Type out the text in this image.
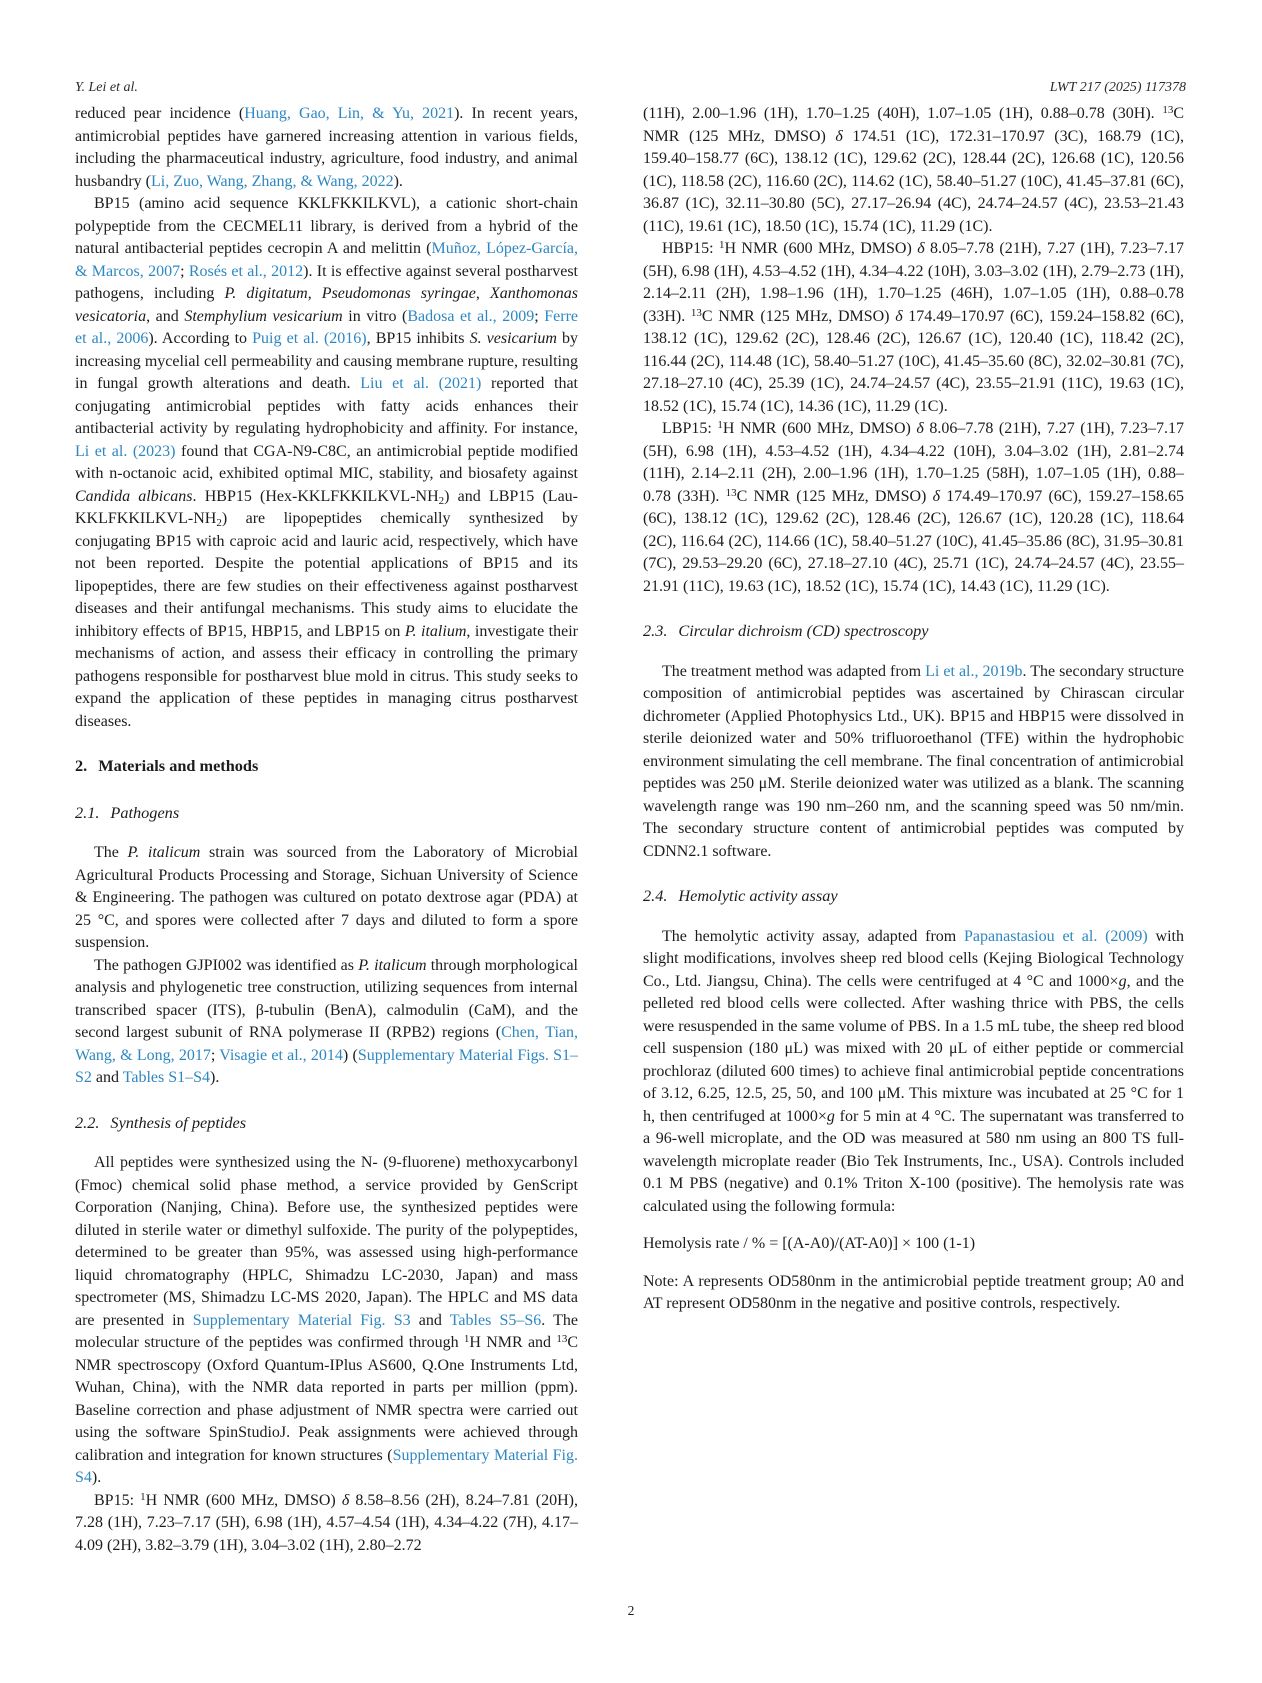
Y. Lei et al.	LWT 217 (2025) 117378

reduced pear incidence (Huang, Gao, Lin, & Yu, 2021). In recent years, antimicrobial peptides have garnered increasing attention in various fields, including the pharmaceutical industry, agriculture, food industry, and animal husbandry (Li, Zuo, Wang, Zhang, & Wang, 2022).

BP15 (amino acid sequence KKLFKKILKVL), a cationic short-chain polypeptide from the CECMEL11 library, is derived from a hybrid of the natural antibacterial peptides cecropin A and melittin (Muñoz, López-García, & Marcos, 2007; Rosés et al., 2012). It is effective against several postharvest pathogens, including P. digitatum, Pseudomonas syringae, Xanthomonas vesicatoria, and Stemphylium vesicarium in vitro (Badosa et al., 2009; Ferre et al., 2006). According to Puig et al. (2016), BP15 inhibits S. vesicarium by increasing mycelial cell permeability and causing membrane rupture, resulting in fungal growth alterations and death. Liu et al. (2021) reported that conjugating antimicrobial peptides with fatty acids enhances their antibacterial activity by regulating hydrophobicity and affinity. For instance, Li et al. (2023) found that CGA-N9-C8C, an antimicrobial peptide modified with n-octanoic acid, exhibited optimal MIC, stability, and biosafety against Candida albicans. HBP15 $(Hex-KKLFKKILKVL-NH_2)$ and LBP15 $(Lau-KKLFKKILKVL-NH_2)$ are lipopeptides chemically synthesized by conjugating BP15 with caproic acid and lauric acid, respectively, which have not been reported. Despite the potential applications of BP15 and its lipopeptides, there are few studies on their effectiveness against postharvest diseases and their antifungal mechanisms. This study aims to elucidate the inhibitory effects of BP15, HBP15, and LBP15 on P. italium, investigate their mechanisms of action, and assess their efficacy in controlling the primary pathogens responsible for postharvest blue mold in citrus. This study seeks to expand the application of these peptides in managing citrus postharvest diseases.

2. Materials and methods
2.1. Pathogens

The P. italicum strain was sourced from the Laboratory of Microbial Agricultural Products Processing and Storage, Sichuan University of Science & Engineering. The pathogen was cultured on potato dextrose agar (PDA) at 25 °C, and spores were collected after 7 days and diluted to form a spore suspension.

The pathogen GJPI002 was identified as P. italicum through morphological analysis and phylogenetic tree construction, utilizing sequences from internal transcribed spacer (ITS), β-tubulin (BenA), calmodulin (CaM), and the second largest subunit of RNA polymerase II (RPB2) regions (Chen, Tian, Wang, & Long, 2017; Visagie et al., 2014) (Supplementary Material Figs. S1–S2 and Tables S1–S4).

2.2. Synthesis of peptides

All peptides were synthesized using the N- (9-fluorene) methoxycarbonyl (Fmoc) chemical solid phase method, a service provided by GenScript Corporation (Nanjing, China). Before use, the synthesized peptides were diluted in sterile water or dimethyl sulfoxide. The purity of the polypeptides, determined to be greater than 95%, was assessed using high-performance liquid chromatography (HPLC, Shimadzu LC-2030, Japan) and mass spectrometer (MS, Shimadzu LC-MS 2020, Japan). The HPLC and MS data are presented in Supplementary Material Fig. S3 and Tables S5–S6. The molecular structure of the peptides was confirmed through $^1$H NMR and $^{13}$C NMR spectroscopy (Oxford Quantum-IPlus AS600, Q.One Instruments Ltd, Wuhan, China), with the NMR data reported in parts per million (ppm). Baseline correction and phase adjustment of NMR spectra were carried out using the software SpinStudioJ. Peak assignments were achieved through calibration and integration for known structures (Supplementary Material Fig. S4).

BP15: $^1$H NMR (600 MHz, DMSO) δ 8.58–8.56 (2H), 8.24–7.81 (20H), 7.28 (1H), 7.23–7.17 (5H), 6.98 (1H), 4.57–4.54 (1H), 4.34–4.22 (7H), 4.17–4.09 (2H), 3.82–3.79 (1H), 3.04–3.02 (1H), 2.80–2.72

(11H), 2.00–1.96 (1H), 1.70–1.25 (40H), 1.07–1.05 (1H), 0.88–0.78 (30H). $^{13}$C NMR (125 MHz, DMSO) δ 174.51 (1C), 172.31–170.97 (3C), 168.79 (1C), 159.40–158.77 (6C), 138.12 (1C), 129.62 (2C), 128.44 (2C), 126.68 (1C), 120.56 (1C), 118.58 (2C), 116.60 (2C), 114.62 (1C), 58.40–51.27 (10C), 41.45–37.81 (6C), 36.87 (1C), 32.11–30.80 (5C), 27.17–26.94 (4C), 24.74–24.57 (4C), 23.53–21.43 (11C), 19.61 (1C), 18.50 (1C), 15.74 (1C), 11.29 (1C).

HBP15: $^1$H NMR (600 MHz, DMSO) δ 8.05–7.78 (21H), 7.27 (1H), 7.23–7.17 (5H), 6.98 (1H), 4.53–4.52 (1H), 4.34–4.22 (10H), 3.03–3.02 (1H), 2.79–2.73 (1H), 2.14–2.11 (2H), 1.98–1.96 (1H), 1.70–1.25 (46H), 1.07–1.05 (1H), 0.88–0.78 (33H). $^{13}$C NMR (125 MHz, DMSO) δ 174.49–170.97 (6C), 159.24–158.82 (6C), 138.12 (1C), 129.62 (2C), 128.46 (2C), 126.67 (1C), 120.40 (1C), 118.42 (2C), 116.44 (2C), 114.48 (1C), 58.40–51.27 (10C), 41.45–35.60 (8C), 32.02–30.81 (7C), 27.18–27.10 (4C), 25.39 (1C), 24.74–24.57 (4C), 23.55–21.91 (11C), 19.63 (1C), 18.52 (1C), 15.74 (1C), 14.36 (1C), 11.29 (1C).

LBP15: $^1$H NMR (600 MHz, DMSO) δ 8.06–7.78 (21H), 7.27 (1H), 7.23–7.17 (5H), 6.98 (1H), 4.53–4.52 (1H), 4.34–4.22 (10H), 3.04–3.02 (1H), 2.81–2.74 (11H), 2.14–2.11 (2H), 2.00–1.96 (1H), 1.70–1.25 (58H), 1.07–1.05 (1H), 0.88–0.78 (33H). $^{13}$C NMR (125 MHz, DMSO) δ 174.49–170.97 (6C), 159.27–158.65 (6C), 138.12 (1C), 129.62 (2C), 128.46 (2C), 126.67 (1C), 120.28 (1C), 118.64 (2C), 116.64 (2C), 114.66 (1C), 58.40–51.27 (10C), 41.45–35.86 (8C), 31.95–30.81 (7C), 29.53–29.20 (6C), 27.18–27.10 (4C), 25.71 (1C), 24.74–24.57 (4C), 23.55–21.91 (11C), 19.63 (1C), 18.52 (1C), 15.74 (1C), 14.43 (1C), 11.29 (1C).

2.3. Circular dichroism (CD) spectroscopy

The treatment method was adapted from Li et al., 2019b. The secondary structure composition of antimicrobial peptides was ascertained by Chirascan circular dichrometer (Applied Photophysics Ltd., UK). BP15 and HBP15 were dissolved in sterile deionized water and 50% trifluoroethanol (TFE) within the hydrophobic environment simulating the cell membrane. The final concentration of antimicrobial peptides was 250 μM. Sterile deionized water was utilized as a blank. The scanning wavelength range was 190 nm–260 nm, and the scanning speed was 50 nm/min. The secondary structure content of antimicrobial peptides was computed by CDNN2.1 software.

2.4. Hemolytic activity assay

The hemolytic activity assay, adapted from Papanastasiou et al. (2009) with slight modifications, involves sheep red blood cells (Kejing Biological Technology Co., Ltd. Jiangsu, China). The cells were centrifuged at 4 °C and 1000×g, and the pelleted red blood cells were collected. After washing thrice with PBS, the cells were resuspended in the same volume of PBS. In a 1.5 mL tube, the sheep red blood cell suspension (180 μL) was mixed with 20 μL of either peptide or commercial prochloraz (diluted 600 times) to achieve final antimicrobial peptide concentrations of 3.12, 6.25, 12.5, 25, 50, and 100 μM. This mixture was incubated at 25 °C for 1 h, then centrifuged at 1000×g for 5 min at 4 °C. The supernatant was transferred to a 96-well microplate, and the OD was measured at 580 nm using an 800 TS full-wavelength microplate reader (Bio Tek Instruments, Inc., USA). Controls included 0.1 M PBS (negative) and 0.1% Triton X-100 (positive). The hemolysis rate was calculated using the following formula:

Hemolysis rate / % = [(A-A0)/(AT-A0)] × 100 (1-1)

Note: A represents OD580nm in the antimicrobial peptide treatment group; A0 and AT represent OD580nm in the negative and positive controls, respectively.

2
